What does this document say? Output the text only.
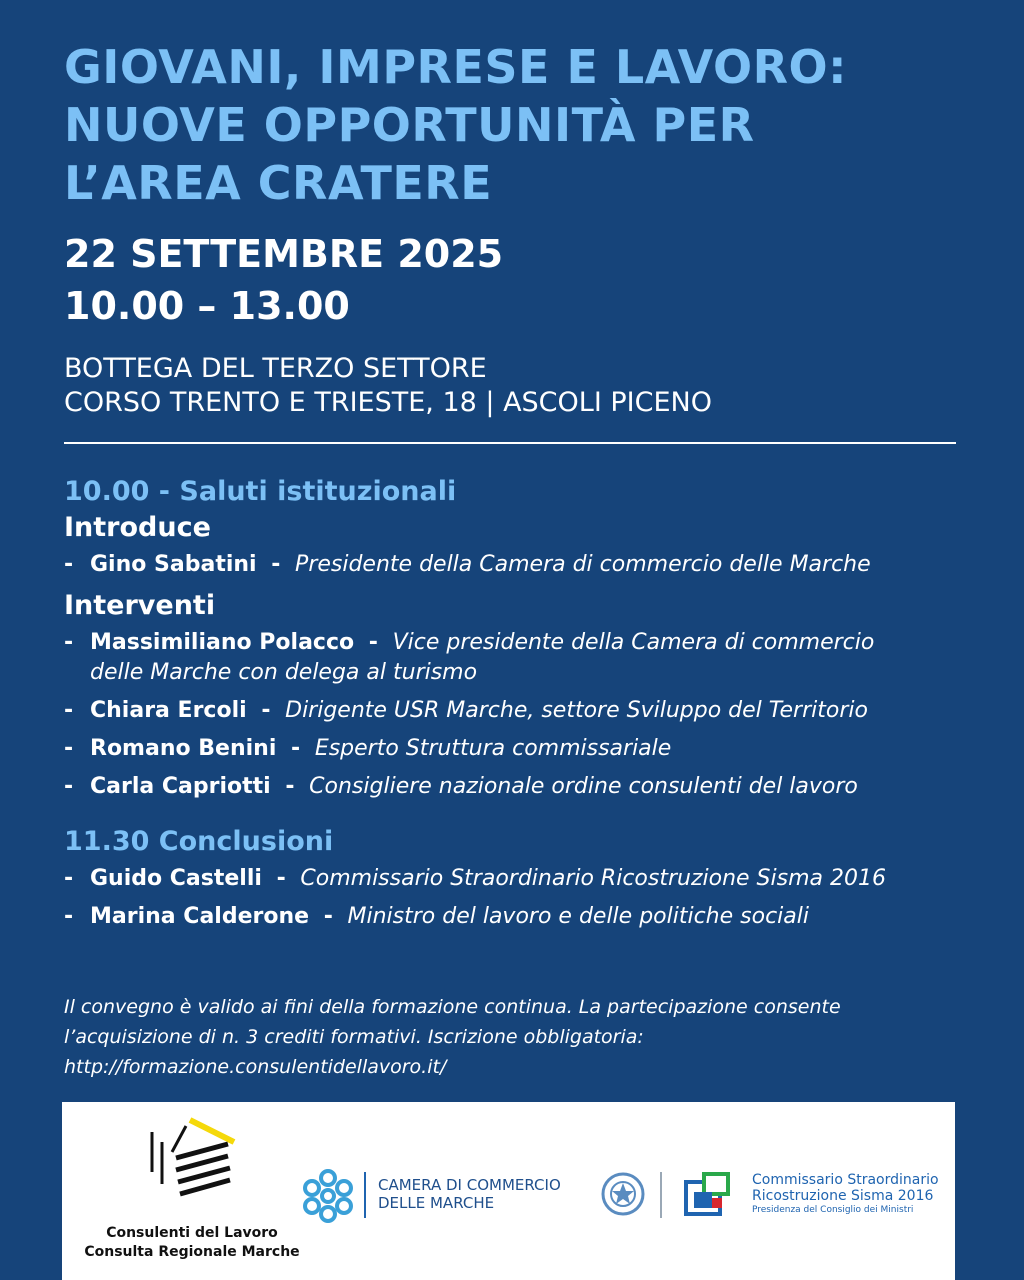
GIOVANI, IMPRESE E LAVORO:
NUOVE OPPORTUNITÀ PER
L’AREA CRATERE
22 SETTEMBRE 2025
10.00 – 13.00
BOTTEGA DEL TERZO SETTORE
CORSO TRENTO E TRIESTE, 18 | ASCOLI PICENO
10.00 - Saluti istituzionali
Introduce
- Gino Sabatini  -  Presidente della Camera di commercio delle Marche
Interventi
- Massimiliano Polacco  -  Vice presidente della Camera di commercio
delle Marche con delega al turismo
- Chiara Ercoli  -  Dirigente USR Marche, settore Sviluppo del Territorio
- Romano Benini  -  Esperto Struttura commissariale
- Carla Capriotti  -  Consigliere nazionale ordine consulenti del lavoro
11.30 Conclusioni
- Guido Castelli  -  Commissario Straordinario Ricostruzione Sisma 2016
- Marina Calderone  -  Ministro del lavoro e delle politiche sociali
Il convegno è valido ai fini della formazione continua. La partecipazione consente
l’acquisizione di n. 3 crediti formativi. Iscrizione obbligatoria:
http://formazione.consulentidellavoro.it/
Consulenti del Lavoro
Consulta Regionale Marche
CAMERA DI COMMERCIO
DELLE MARCHE
Commissario Straordinario
Ricostruzione Sisma 2016
Presidenza del Consiglio dei Ministri
